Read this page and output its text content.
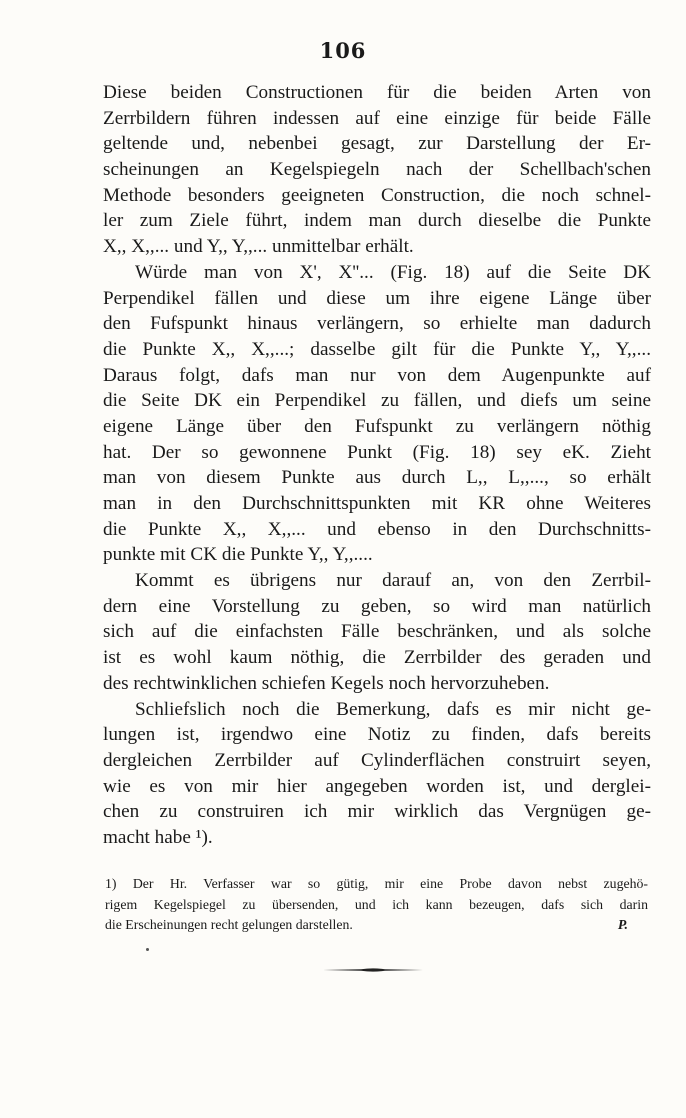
106
Diese beiden Constructionen für die beiden Arten von
Zerrbildern führen indessen auf eine einzige für beide Fälle
geltende und, nebenbei gesagt, zur Darstellung der Er-
scheinungen an Kegelspiegeln nach der Schellbach'schen
Methode besonders geeigneten Construction, die noch schnel-
ler zum Ziele führt, indem man durch dieselbe die Punkte
X,, X,,... und Y,, Y,,... unmittelbar erhält.
Würde man von X', X''... (Fig. 18) auf die Seite DK
Perpendikel fällen und diese um ihre eigene Länge über
den Fufspunkt hinaus verlängern, so erhielte man dadurch
die Punkte X,, X,,...; dasselbe gilt für die Punkte Y,, Y,,...
Daraus folgt, dafs man nur von dem Augenpunkte auf
die Seite DK ein Perpendikel zu fällen, und diefs um seine
eigene Länge über den Fufspunkt zu verlängern nöthig
hat. Der so gewonnene Punkt (Fig. 18) sey eK. Zieht
man von diesem Punkte aus durch L,, L,,..., so erhält
man in den Durchschnittspunkten mit KR ohne Weiteres
die Punkte X,, X,,... und ebenso in den Durchschnitts-
punkte mit CK die Punkte Y,, Y,,....
Kommt es übrigens nur darauf an, von den Zerrbil-
dern eine Vorstellung zu geben, so wird man natürlich
sich auf die einfachsten Fälle beschränken, und als solche
ist es wohl kaum nöthig, die Zerrbilder des geraden und
des rechtwinklichen schiefen Kegels noch hervorzuheben.
Schliefslich noch die Bemerkung, dafs es mir nicht ge-
lungen ist, irgendwo eine Notiz zu finden, dafs bereits
dergleichen Zerrbilder auf Cylinderflächen construirt seyen,
wie es von mir hier angegeben worden ist, und derglei-
chen zu construiren ich mir wirklich das Vergnügen ge-
macht habe ¹).
1) Der Hr. Verfasser war so gütig, mir eine Probe davon nebst zugehö-
rigem Kegelspiegel zu übersenden, und ich kann bezeugen, dafs sich darin
die Erscheinungen recht gelungen darstellen.	P.
